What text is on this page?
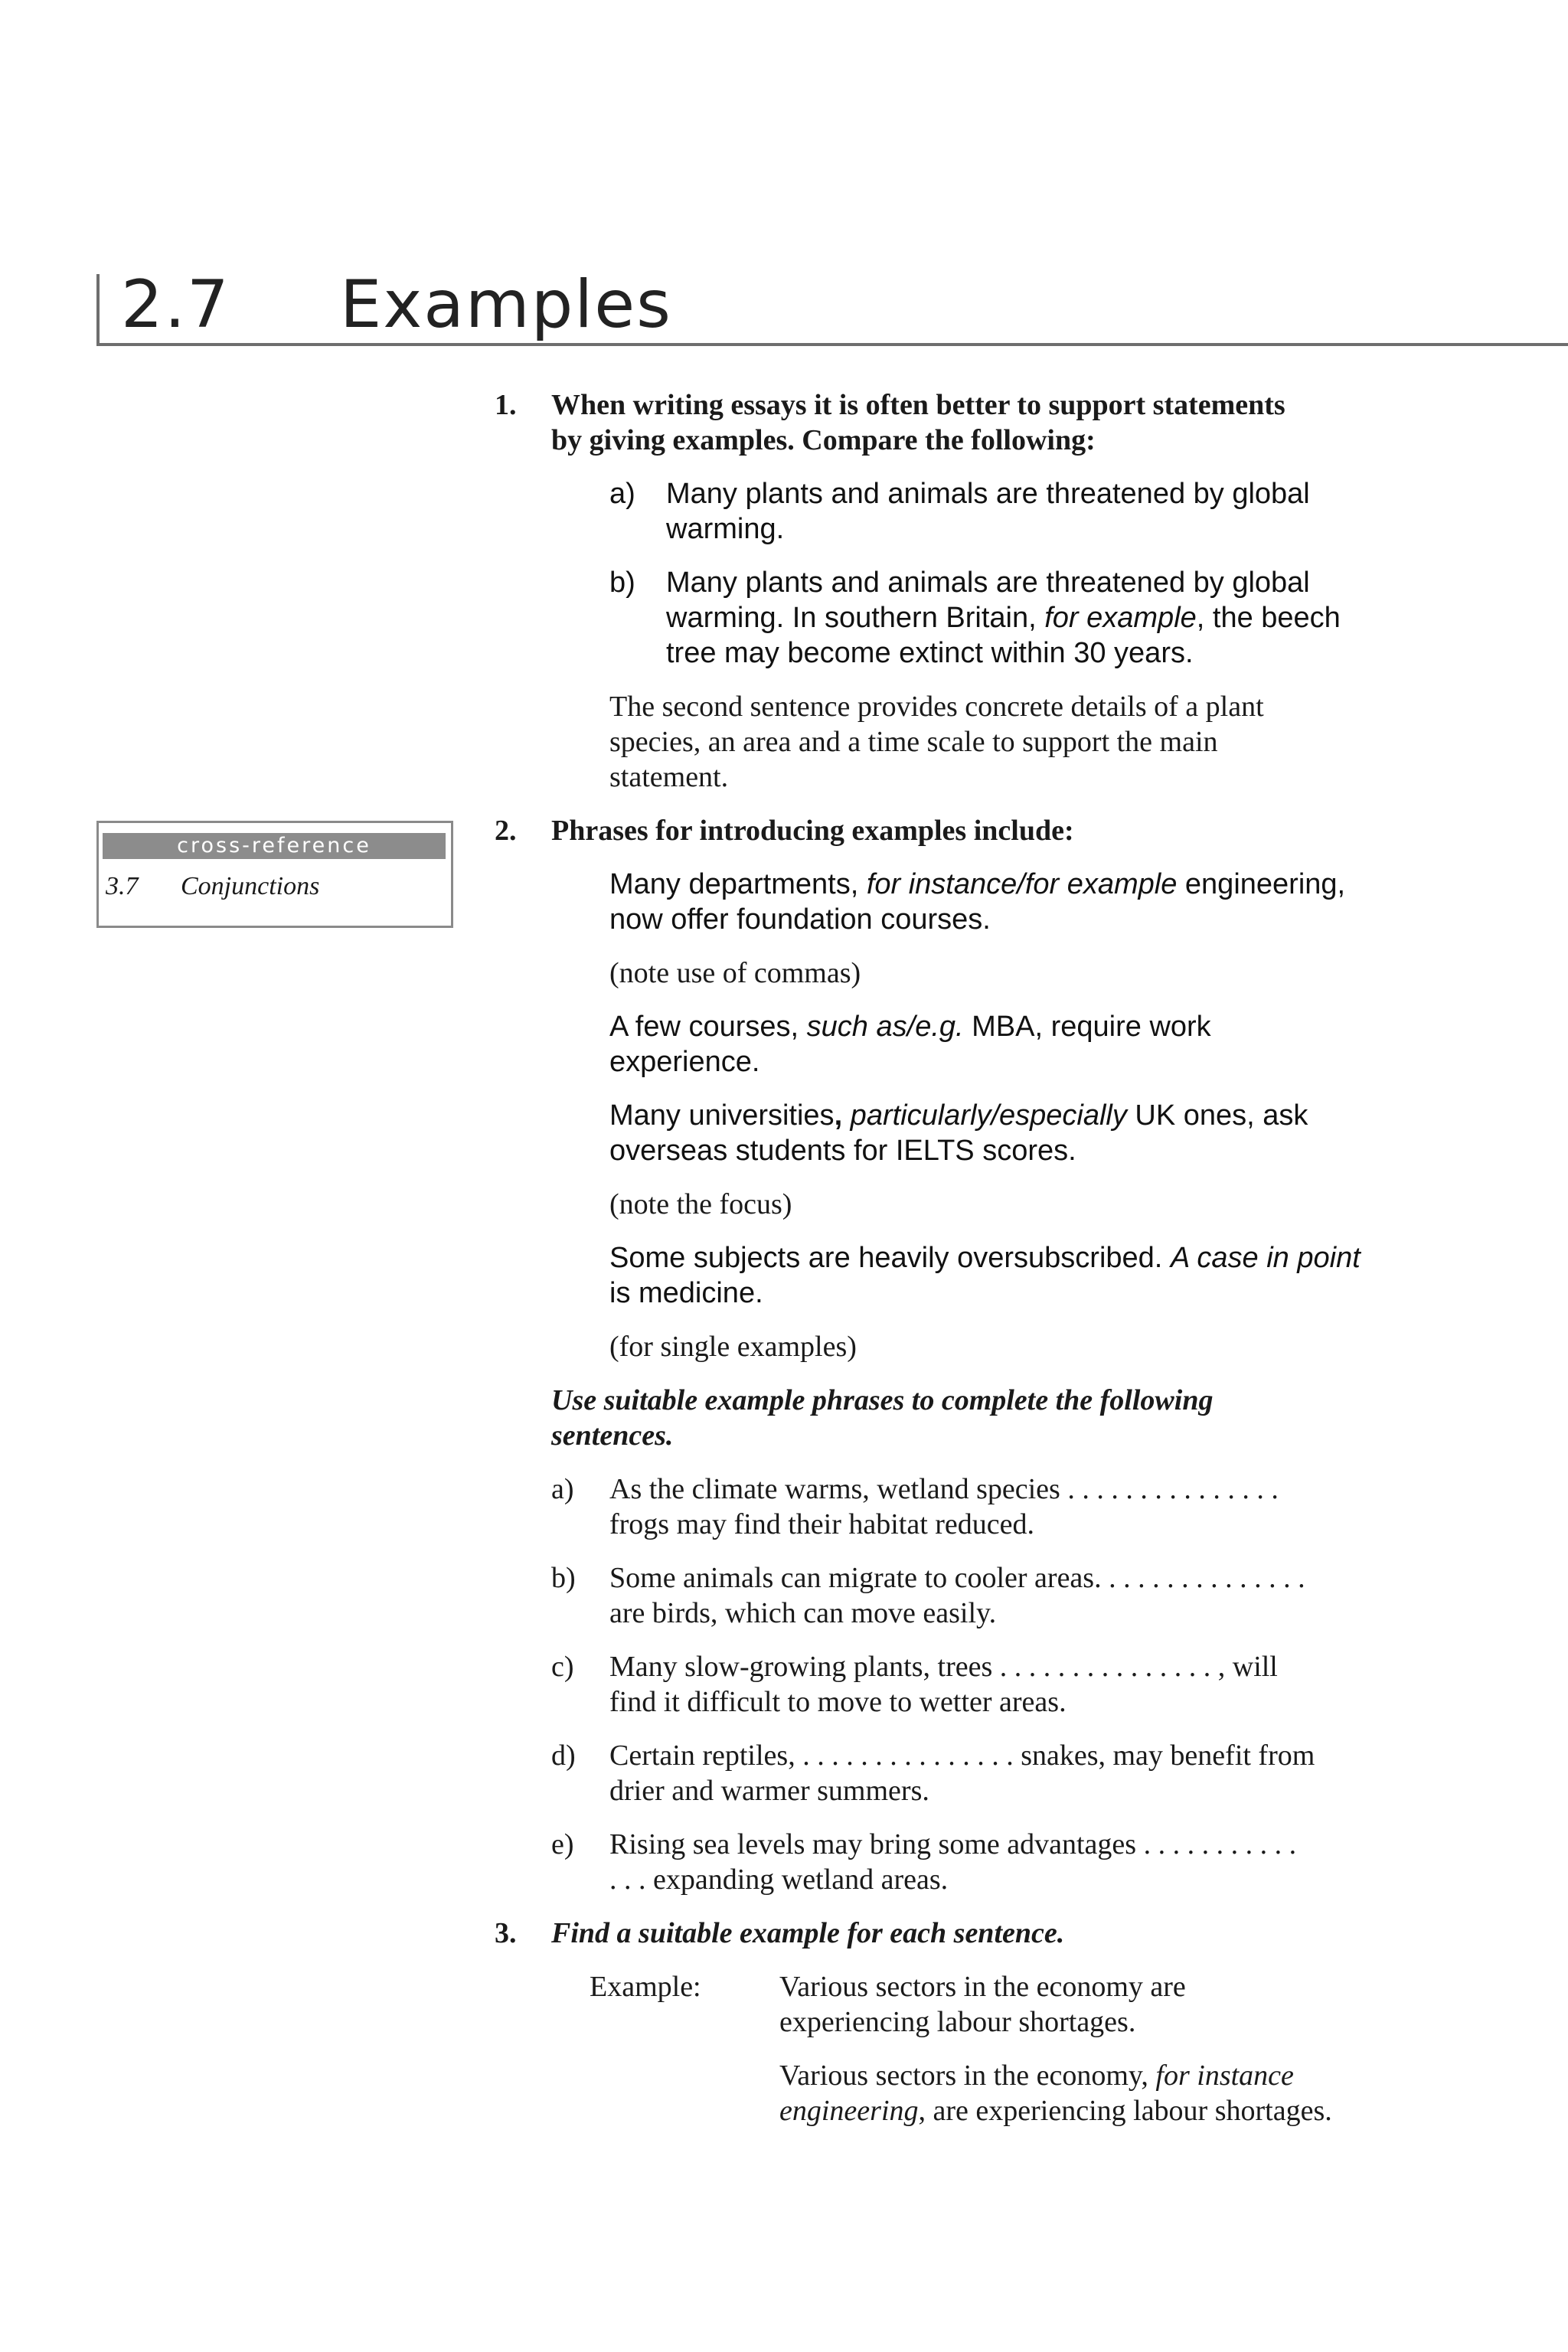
2.7 Examples
cross-reference
3.7 Conjunctions
1. When writing essays it is often better to support statements
by giving examples. Compare the following:
a)	Many plants and animals are threatened by global
warming.
b)	Many plants and animals are threatened by global
warming. In southern Britain, for example, the beech
tree may become extinct within 30 years.
The second sentence provides concrete details of a plant
species, an area and a time scale to support the main
statement.
2. Phrases for introducing examples include:
Many departments, for instance/for example engineering,
now offer foundation courses.
(note use of commas)
A few courses, such as/e.g. MBA, require work
experience.
Many universities, particularly/especially UK ones, ask
overseas students for IELTS scores.
(note the focus)
Some subjects are heavily oversubscribed. A case in point
is medicine.
(for single examples)
Use suitable example phrases to complete the following
sentences.
a)	As the climate warms, wetland species . . . . . . . . . . . . . . .
frogs may find their habitat reduced.
b)	Some animals can migrate to cooler areas. . . . . . . . . . . . . . .
are birds, which can move easily.
c)	Many slow-growing plants, trees . . . . . . . . . . . . . . . , will
find it difficult to move to wetter areas.
d)	Certain reptiles, . . . . . . . . . . . . . . . snakes, may benefit from
drier and warmer summers.
e)	Rising sea levels may bring some advantages . . . . . . . . . . .
. . . expanding wetland areas.
3. Find a suitable example for each sentence.
Example:	Various sectors in the economy are
experiencing labour shortages.
Various sectors in the economy, for instance
engineering, are experiencing labour shortages.
